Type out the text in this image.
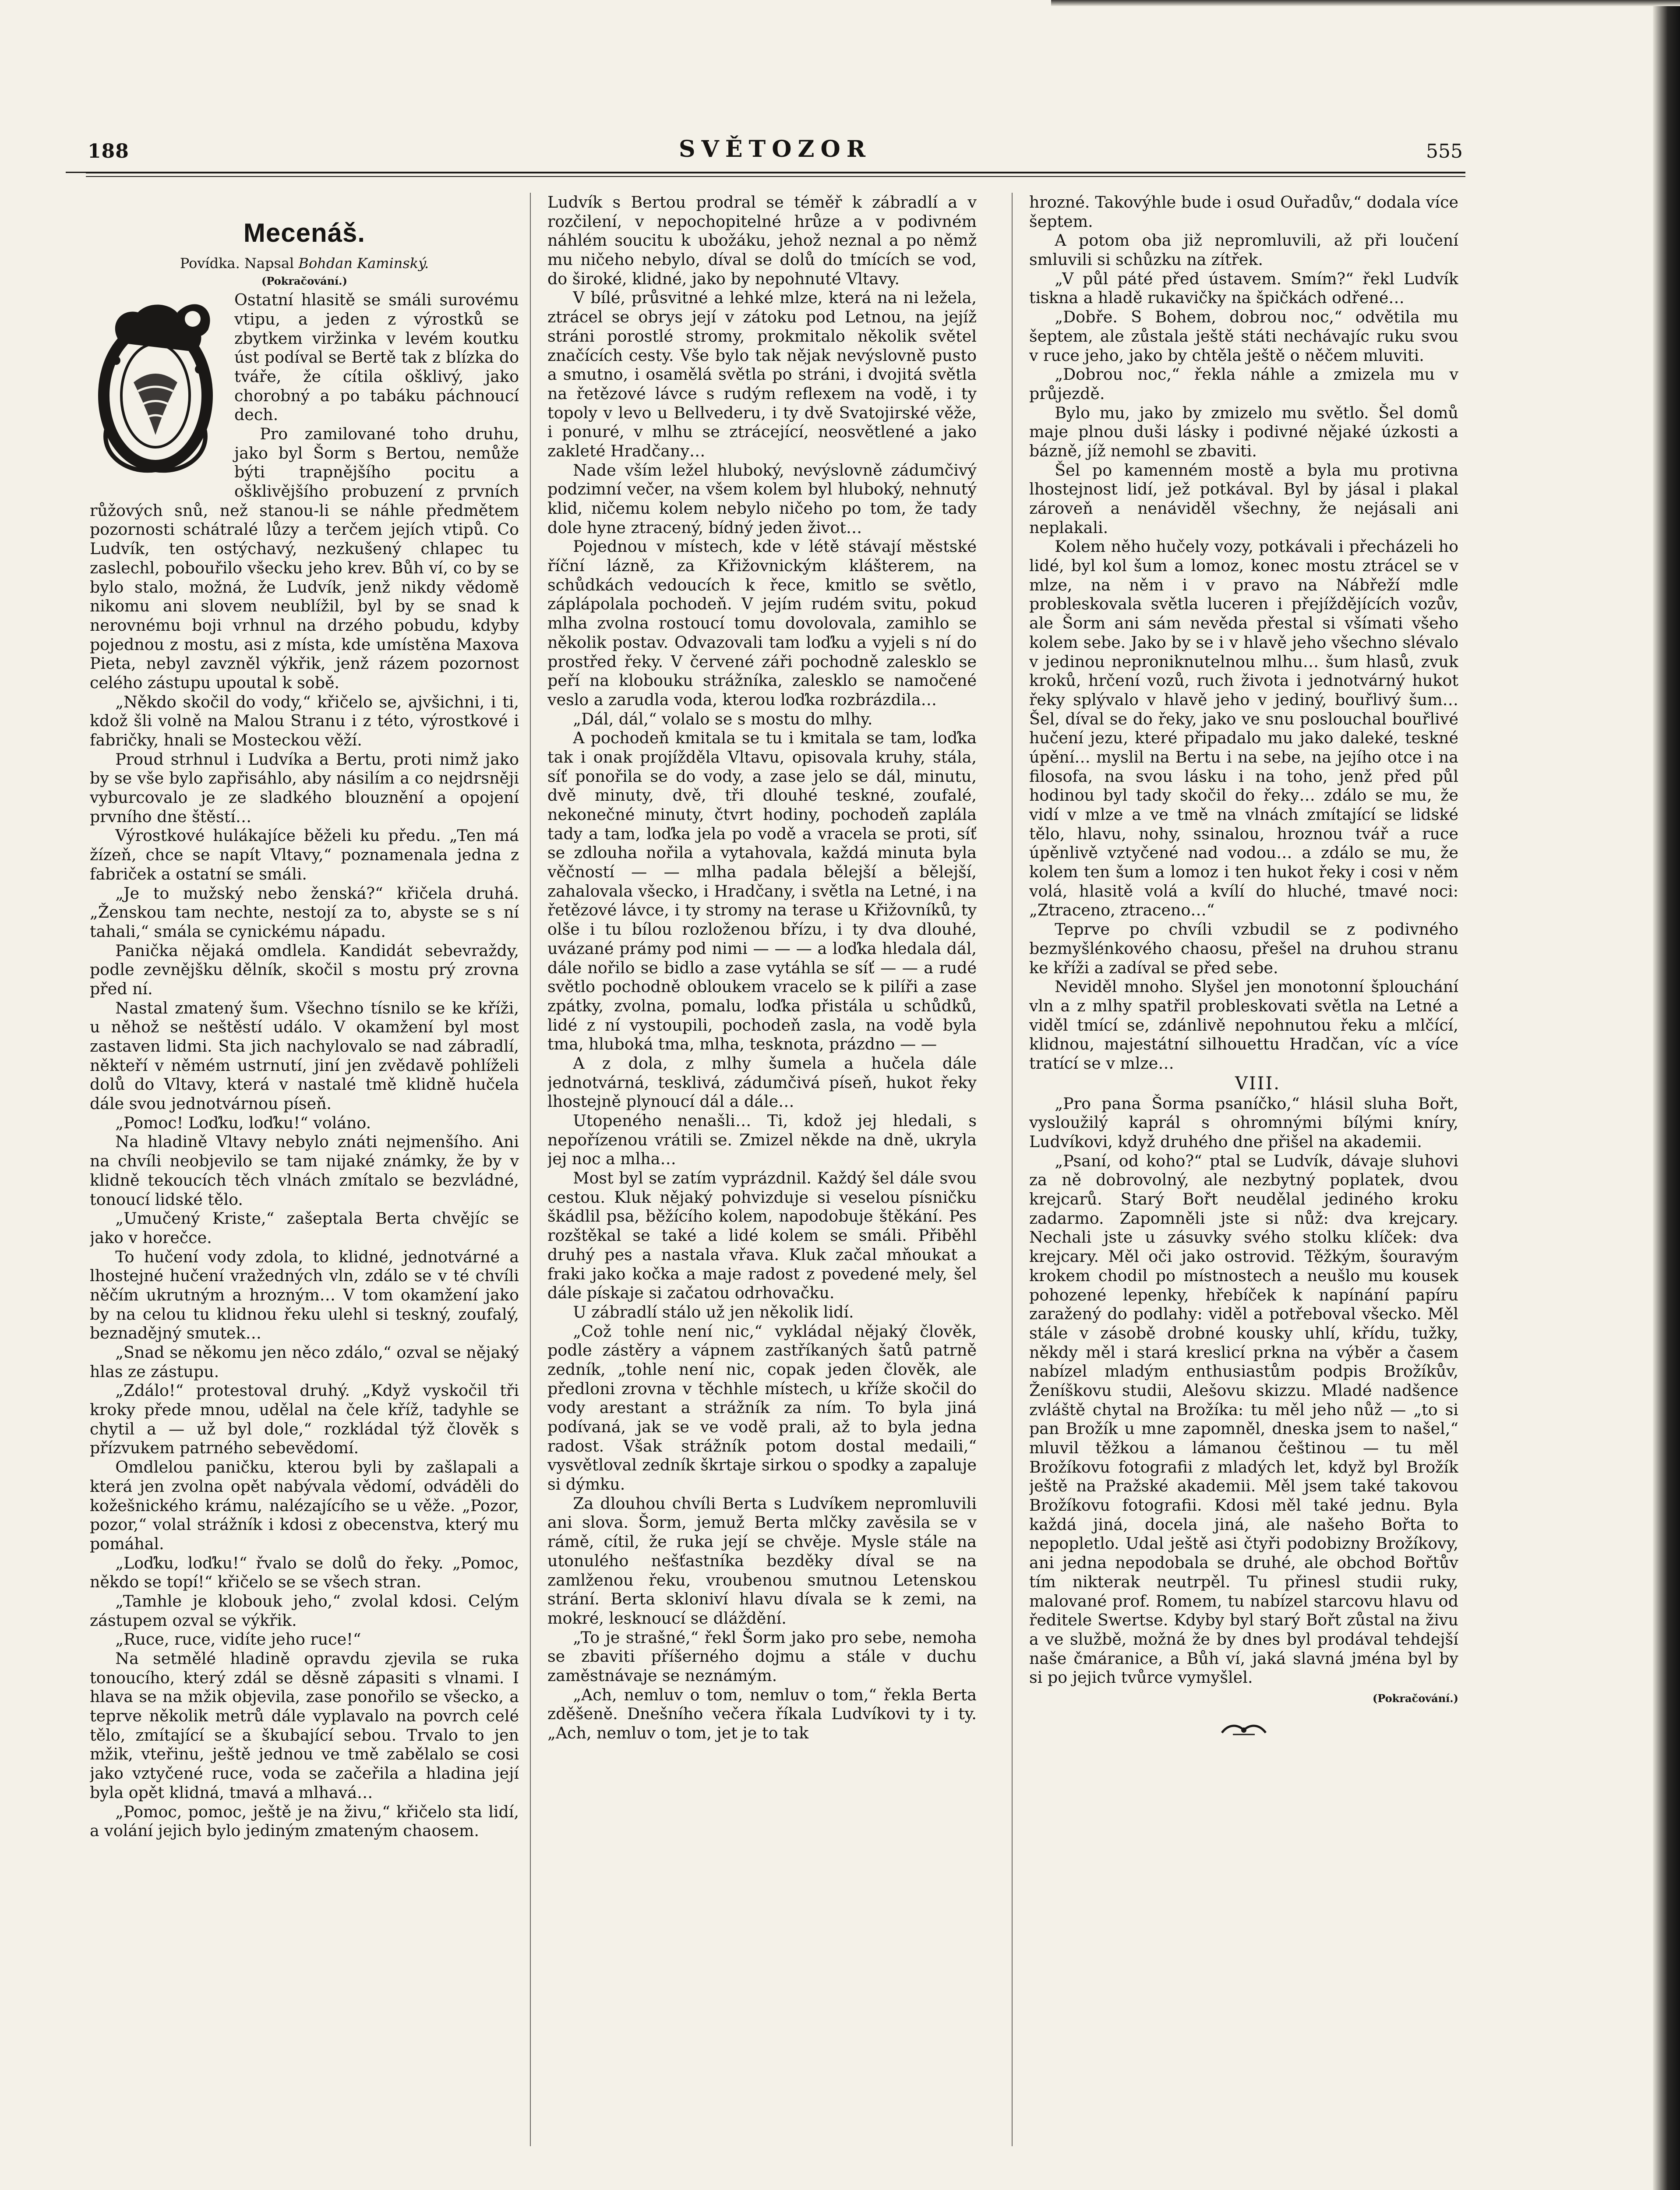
188	SVĚTOZOR	555
Mecenáš.
Povídka. Napsal Bohdan Kaminský.
(Pokračování.)

Ostatní hlasitě se smáli surovému vtipu, a jeden z výrostků se zbytkem viržinka v levém koutku úst podíval se Bertě tak z blízka do tváře, že cítila ošklivý, jako chorobný a po tabáku páchnoucí dech.

Pro zamilované toho druhu, jako byl Šorm s Bertou, nemůže býti trapnějšího pocitu a ošklivějšího probuzení z prvních růžových snů, než stanou-li se náhle předmětem pozornosti schátralé lůzy a terčem jejích vtipů. Co Ludvík, ten ostýchavý, nezkušený chlapec tu zaslechl, pobouřilo všecku jeho krev. Bůh ví, co by se bylo stalo, možná, že Ludvík, jenž nikdy vědomě nikomu ani slovem neublížil, byl by se snad k nerovnému boji vrhnul na drzého pobudu, kdyby pojednou z mostu, asi z místa, kde umístěna Maxova Pieta, nebyl zavzněl výkřik, jenž rázem pozornost celého zástupu upoutal k sobě.

„Někdo skočil do vody,“ křičelo se, ajvšichni, i ti, kdož šli volně na Malou Stranu i z této, výrostkové i fabričky, hnali se Mosteckou věží.

Proud strhnul i Ludvíka a Bertu, proti nimž jako by se vše bylo zapřisáhlo, aby násilím a co nejdrsněji vyburcovalo je ze sladkého blouznění a opojení prvního dne štěstí…

Výrostkové hulákajíce běželi ku předu. „Ten má žízeň, chce se napít Vltavy,“ poznamenala jedna z fabriček a ostatní se smáli.

„Je to mužský nebo ženská?“ křičela druhá. „Ženskou tam nechte, nestojí za to, abyste se s ní tahali,“ smála se cynickému nápadu.

Panička nějaká omdlela. Kandidát sebevraždy, podle zevnějšku dělník, skočil s mostu prý zrovna před ní.

Nastal zmatený šum. Všechno tísnilo se ke kříži, u něhož se neštěstí událo. V okamžení byl most zastaven lidmi. Sta jich nachylovalo se nad zábradlí, někteří v němém ustrnutí, jiní jen zvědavě pohlíželi dolů do Vltavy, která v nastalé tmě klidně hučela dále svou jednotvárnou píseň.

„Pomoc! Loďku, loďku!“ voláno.

Na hladině Vltavy nebylo znáti nejmenšího. Ani na chvíli neobjevilo se tam nijaké známky, že by v klidně tekoucích těch vlnách zmítalo se bezvládné, tonoucí lidské tělo.

„Umučený Kriste,“ zašeptala Berta chvějíc se jako v horečce.

To hučení vody zdola, to klidné, jednotvárné a lhostejné hučení vražedných vln, zdálo se v té chvíli něčím ukrutným a hrozným… V tom okamžení jako by na celou tu klidnou řeku ulehl si teskný, zoufalý, beznadějný smutek…

„Snad se někomu jen něco zdálo,“ ozval se nějaký hlas ze zástupu.

„Zdálo!“ protestoval druhý. „Když vyskočil tři kroky přede mnou, udělal na čele kříž, tadyhle se chytil a — už byl dole,“ rozkládal týž člověk s přízvukem patrného sebevědomí.

Omdlelou paničku, kterou byli by zašlapali a která jen zvolna opět nabývala vědomí, odváděli do kožešnického krámu, nalézajícího se u věže. „Pozor, pozor,“ volal strážník i kdosi z obecenstva, který mu pomáhal.

„Loďku, loďku!“ řvalo se dolů do řeky. „Pomoc, někdo se topí!“ křičelo se se všech stran.

„Tamhle je klobouk jeho,“ zvolal kdosi. Celým zástupem ozval se výkřik.

„Ruce, ruce, vidíte jeho ruce!“

Na setmělé hladině opravdu zjevila se ruka tonoucího, který zdál se děsně zápasiti s vlnami. I hlava se na mžik objevila, zase ponořilo se všecko, a teprve několik metrů dále vyplavalo na povrch celé tělo, zmítající se a škubající sebou. Trvalo to jen mžik, vteřinu, ještě jednou ve tmě zabělalo se cosi jako vztyčené ruce, voda se začeřila a hladina její byla opět klidná, tmavá a mlhavá…

„Pomoc, pomoc, ještě je na živu,“ křičelo sta lidí, a volání jejich bylo jediným zmateným chaosem.

Ludvík s Bertou prodral se téměř k zábradlí a v rozčilení, v nepochopitelné hrůze a v podivném náhlém soucitu k ubožáku, jehož neznal a po němž mu ničeho nebylo, díval se dolů do tmících se vod, do široké, klidné, jako by nepohnuté Vltavy.

V bílé, průsvitné a lehké mlze, která na ni ležela, ztrácel se obrys její v zátoku pod Letnou, na jejíž stráni porostlé stromy, prokmitalo několik světel značících cesty. Vše bylo tak nějak nevýslovně pusto a smutno, i osamělá světla po stráni, i dvojitá světla na řetězové lávce s rudým reflexem na vodě, i ty topoly v levo u Bellvederu, i ty dvě Svatojirské věže, i ponuré, v mlhu se ztrácející, neosvětlené a jako zakleté Hradčany…

Nade vším ležel hluboký, nevýslovně zádumčivý podzimní večer, na všem kolem byl hluboký, nehnutý klid, ničemu kolem nebylo ničeho po tom, že tady dole hyne ztracený, bídný jeden život…

Pojednou v místech, kde v létě stávají městské říční lázně, za Křižovnickým klášterem, na schůdkách vedoucích k řece, kmitlo se světlo, záplápolala pochodeň. V jejím rudém svitu, pokud mlha zvolna rostoucí tomu dovolovala, zamihlo se několik postav. Odvazovali tam loďku a vyjeli s ní do prostřed řeky. V červené záři pochodně zalesklo se peří na klobouku strážníka, zalesklo se namočené veslo a zarudla voda, kterou loďka rozbrázdila…

„Dál, dál,“ volalo se s mostu do mlhy.

A pochodeň kmitala se tu i kmitala se tam, loďka tak i onak projížděla Vltavu, opisovala kruhy, stála, síť ponořila se do vody, a zase jelo se dál, minutu, dvě minuty, dvě, tři dlouhé teskné, zoufalé, nekonečné minuty, čtvrt hodiny, pochodeň zaplála tady a tam, loďka jela po vodě a vracela se proti, síť se zdlouha nořila a vytahovala, každá minuta byla věčností — — mlha padala bělejší a bělejší, zahalovala všecko, i Hradčany, i světla na Letné, i na řetězové lávce, i ty stromy na terase u Křižovníků, ty olše i tu bílou rozloženou břízu, i ty dva dlouhé, uvázané prámy pod nimi — — — a loďka hledala dál, dále nořilo se bidlo a zase vytáhla se síť — — a rudé světlo pochodně obloukem vracelo se k pilíři a zase zpátky, zvolna, pomalu, loďka přistála u schůdků, lidé z ní vystoupili, pochodeň zasla, na vodě byla tma, hluboká tma, mlha, tesknota, prázdno — —

A z dola, z mlhy šumela a hučela dále jednotvárná, tesklivá, zádumčivá píseň, hukot řeky lhostejně plynoucí dál a dále…

Utopeného nenašli… Ti, kdož jej hledali, s nepořízenou vrátili se. Zmizel někde na dně, ukryla jej noc a mlha…

Most byl se zatím vyprázdnil. Každý šel dále svou cestou. Kluk nějaký pohvizduje si veselou písničku škádlil psa, běžícího kolem, napodobuje štěkání. Pes rozštěkal se také a lidé kolem se smáli. Přiběhl druhý pes a nastala vřava. Kluk začal mňoukat a fraki jako kočka a maje radost z povedené mely, šel dále pískaje si začatou odrhovačku.

U zábradlí stálo už jen několik lidí.

„Což tohle není nic,“ vykládal nějaký člověk, podle zástěry a vápnem zastříkaných šatů patrně zedník, „tohle není nic, copak jeden člověk, ale předloni zrovna v těchhle místech, u kříže skočil do vody arestant a strážník za ním. To byla jiná podívaná, jak se ve vodě prali, až to byla jedna radost. Však strážník potom dostal medaili,“ vysvětloval zedník škrtaje sirkou o spodky a zapaluje si dýmku.

Za dlouhou chvíli Berta s Ludvíkem nepromluvili ani slova. Šorm, jemuž Berta mlčky zavěsila se v rámě, cítil, že ruka její se chvěje. Mysle stále na utonulého nešťastníka bezděky díval se na zamlženou řeku, vroubenou smutnou Letenskou strání. Berta skloniví hlavu dívala se k zemi, na mokré, lesknoucí se dláždění.

„To je strašné,“ řekl Šorm jako pro sebe, nemoha se zbaviti příšerného dojmu a stále v duchu zaměstnávaje se neznámým.

„Ach, nemluv o tom, nemluv o tom,“ řekla Berta zděšeně. Dnešního večera říkala Ludvíkovi ty i ty. „Ach, nemluv o tom, jet je to tak

hrozné. Takovýhle bude i osud Ouřadův,“ dodala více šeptem.

A potom oba již nepromluvili, až při loučení smluvili si schůzku na zítřek.

„V půl páté před ústavem. Smím?“ řekl Ludvík tiskna a hladě rukavičky na špičkách odřené…

„Dobře. S Bohem, dobrou noc,“ odvětila mu šeptem, ale zůstala ještě státi nechávajíc ruku svou v ruce jeho, jako by chtěla ještě o něčem mluviti.

„Dobrou noc,“ řekla náhle a zmizela mu v průjezdě.

Bylo mu, jako by zmizelo mu světlo. Šel domů maje plnou duši lásky i podivné nějaké úzkosti a bázně, jíž nemohl se zbaviti.

Šel po kamenném mostě a byla mu protivna lhostejnost lidí, jež potkával. Byl by jásal i plakal zároveň a nenáviděl všechny, že nejásali ani neplakali.

Kolem něho hučely vozy, potkávali i přecházeli ho lidé, byl kol šum a lomoz, konec mostu ztrácel se v mlze, na něm i v pravo na Nábřeží mdle probleskovala světla luceren i přejíždějících vozův, ale Šorm ani sám nevěda přestal si všímati všeho kolem sebe. Jako by se i v hlavě jeho všechno slévalo v jedinou neproniknutelnou mlhu… šum hlasů, zvuk kroků, hrčení vozů, ruch života i jednotvárný hukot řeky splývalo v hlavě jeho v jediný, bouřlivý šum… Šel, díval se do řeky, jako ve snu poslouchal bouřlivé hučení jezu, které připadalo mu jako daleké, teskné úpění… myslil na Bertu i na sebe, na jejího otce i na filosofa, na svou lásku i na toho, jenž před půl hodinou byl tady skočil do řeky… zdálo se mu, že vidí v mlze a ve tmě na vlnách zmítající se lidské tělo, hlavu, nohy, ssinalou, hroznou tvář a ruce úpěnlivě vztyčené nad vodou… a zdálo se mu, že kolem ten šum a lomoz i ten hukot řeky i cosi v něm volá, hlasitě volá a kvílí do hluché, tmavé noci: „Ztraceno, ztraceno…“

Teprve po chvíli vzbudil se z podivného bezmyšlénkového chaosu, přešel na druhou stranu ke kříži a zadíval se před sebe.

Neviděl mnoho. Slyšel jen monotonní šplouchání vln a z mlhy spatřil probleskovati světla na Letné a viděl tmící se, zdánlivě nepohnutou řeku a mlčící, klidnou, majestátní silhouettu Hradčan, víc a více tratící se v mlze…

VIII.

„Pro pana Šorma psaníčko,“ hlásil sluha Bořt, vysloužilý kaprál s ohromnými bílými kníry, Ludvíkovi, když druhého dne přišel na akademii.

„Psaní, od koho?“ ptal se Ludvík, dávaje sluhovi za ně dobrovolný, ale nezbytný poplatek, dvou krejcarů. Starý Bořt neudělal jediného kroku zadarmo. Zapomněli jste si nůž: dva krejcary. Nechali jste u zásuvky svého stolku klíček: dva krejcary. Měl oči jako ostrovid. Těžkým, šouravým krokem chodil po místnostech a neušlo mu kousek pohozené lepenky, hřebíček k napínání papíru zaražený do podlahy: viděl a potřeboval všecko. Měl stále v zásobě drobné kousky uhlí, křídu, tužky, někdy měl i stará kreslicí prkna na výběr a časem nabízel mladým enthusiastům podpis Brožíkův, Ženíškovu studii, Alešovu skizzu. Mladé nadšence zvláště chytal na Brožíka: tu měl jeho nůž — „to si pan Brožík u mne zapomněl, dneska jsem to našel,“ mluvil těžkou a lámanou češtinou — tu měl Brožíkovu fotografii z mladých let, když byl Brožík ještě na Pražské akademii. Měl jsem také takovou Brožíkovu fotografii. Kdosi měl také jednu. Byla každá jiná, docela jiná, ale našeho Bořta to nepopletlo. Udal ještě asi čtyři podobizny Brožíkovy, ani jedna nepodobala se druhé, ale obchod Bořtův tím nikterak neutrpěl. Tu přinesl studii ruky, malované prof. Romem, tu nabízel starcovu hlavu od ředitele Swertse. Kdyby byl starý Bořt zůstal na živu a ve službě, možná že by dnes byl prodával tehdejší naše čmáranice, a Bůh ví, jaká slavná jména byl by si po jejich tvůrce vymyšlel.

(Pokračování.)
